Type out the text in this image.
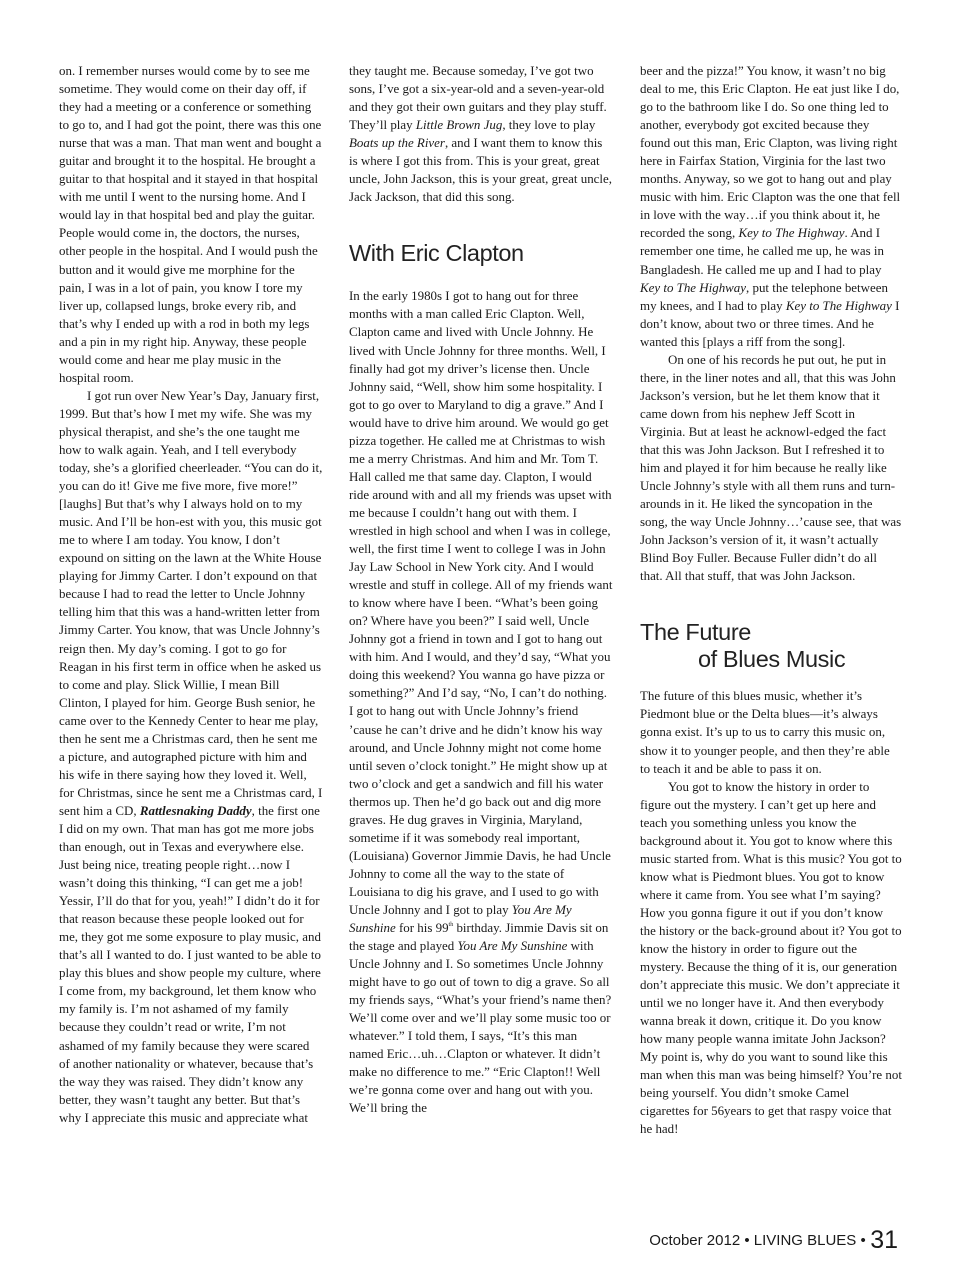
on. I remember nurses would come by to see me sometime. They would come on their day off, if they had a meeting or a conference or something to go to, and I had got the point, there was this one nurse that was a man. That man went and bought a guitar and brought it to the hospital. He brought a guitar to that hospital and it stayed in that hospital with me until I went to the nursing home. And I would lay in that hospital bed and play the guitar. People would come in, the doctors, the nurses, other people in the hospital. And I would push the button and it would give me morphine for the pain, I was in a lot of pain, you know I tore my liver up, collapsed lungs, broke every rib, and that’s why I ended up with a rod in both my legs and a pin in my right hip. Anyway, these people would come and hear me play music in the hospital room.

I got run over New Year’s Day, January first, 1999. But that’s how I met my wife. She was my physical therapist, and she’s the one taught me how to walk again. Yeah, and I tell everybody today, she’s a glorified cheerleader. “You can do it, you can do it! Give me five more, five more!” [laughs] But that’s why I always hold on to my music. And I’ll be hon-est with you, this music got me to where I am today. You know, I don’t expound on sitting on the lawn at the White House playing for Jimmy Carter. I don’t expound on that because I had to read the letter to Uncle Johnny telling him that this was a hand-written letter from Jimmy Carter. You know, that was Uncle Johnny’s reign then. My day’s coming. I got to go for Reagan in his first term in office when he asked us to come and play. Slick Willie, I mean Bill Clinton, I played for him. George Bush senior, he came over to the Kennedy Center to hear me play, then he sent me a Christmas card, then he sent me a picture, and autographed picture with him and his wife in there saying how they loved it. Well, for Christmas, since he sent me a Christmas card, I sent him a CD, Rattlesnaking Daddy, the first one I did on my own. That man has got me more jobs than enough, out in Texas and everywhere else. Just being nice, treating people right…now I wasn’t doing this thinking, “I can get me a job! Yessir, I’ll do that for you, yeah!” I didn’t do it for that reason because these people looked out for me, they got me some exposure to play music, and that’s all I wanted to do. I just wanted to be able to play this blues and show people my culture, where I come from, my background, let them know who my family is. I’m not ashamed of my family because they couldn’t read or write, I’m not ashamed of my family because they were scared of another nationality or whatever, because that’s the way they was raised. They didn’t know any better, they wasn’t taught any better. But that’s why I appreciate this music and appreciate what

they taught me. Because someday, I’ve got two sons, I’ve got a six-year-old and a seven-year-old and they got their own guitars and they play stuff. They’ll play Little Brown Jug, they love to play Boats up the River, and I want them to know this is where I got this from. This is your great, great uncle, John Jackson, this is your great, great uncle, Jack Jackson, that did this song.

With Eric Clapton

In the early 1980s I got to hang out for three months with a man called Eric Clapton. Well, Clapton came and lived with Uncle Johnny. He lived with Uncle Johnny for three months. Well, I finally had got my driver’s license then. Uncle Johnny said, “Well, show him some hospitality. I got to go over to Maryland to dig a grave.” And I would have to drive him around. We would go get pizza together. He called me at Christmas to wish me a merry Christmas. And him and Mr. Tom T. Hall called me that same day. Clapton, I would ride around with and all my friends was upset with me because I couldn’t hang out with them. I wrestled in high school and when I was in college, well, the first time I went to college I was in John Jay Law School in New York city. And I would wrestle and stuff in college. All of my friends want to know where have I been. “What’s been going on? Where have you been?” I said well, Uncle Johnny got a friend in town and I got to hang out with him. And I would, and they’d say, “What you doing this weekend? You wanna go have pizza or something?” And I’d say, “No, I can’t do nothing. I got to hang out with Uncle Johnny’s friend ’cause he can’t drive and he didn’t know his way around, and Uncle Johnny might not come home until seven o’clock tonight.” He might show up at two o’clock and get a sandwich and fill his water thermos up. Then he’d go back out and dig more graves. He dug graves in Virginia, Maryland, sometime if it was somebody real important, (Louisiana) Governor Jimmie Davis, he had Uncle Johnny to come all the way to the state of Louisiana to dig his grave, and I used to go with Uncle Johnny and I got to play You Are My Sunshine for his 99th birthday. Jimmie Davis sit on the stage and played You Are My Sunshine with Uncle Johnny and I. So sometimes Uncle Johnny might have to go out of town to dig a grave. So all my friends says, “What’s your friend’s name then? We’ll come over and we’ll play some music too or whatever.” I told them, I says, “It’s this man named Eric…uh…Clapton or whatever. It didn’t make no difference to me.” “Eric Clapton!! Well we’re gonna come over and hang out with you. We’ll bring the

beer and the pizza!” You know, it wasn’t no big deal to me, this Eric Clapton. He eat just like I do, go to the bathroom like I do. So one thing led to another, everybody got excited because they found out this man, Eric Clapton, was living right here in Fairfax Station, Virginia for the last two months. Anyway, so we got to hang out and play music with him. Eric Clapton was the one that fell in love with the way…if you think about it, he recorded the song, Key to The Highway. And I remember one time, he called me up, he was in Bangladesh. He called me up and I had to play Key to The Highway, put the telephone between my knees, and I had to play Key to The Highway I don’t know, about two or three times. And he wanted this [plays a riff from the song].

On one of his records he put out, he put in there, in the liner notes and all, that this was John Jackson’s version, but he let them know that it came down from his nephew Jeff Scott in Virginia. But at least he acknowl-edged the fact that this was John Jackson. But I refreshed it to him and played it for him because he really like Uncle Johnny’s style with all them runs and turn-arounds in it. He liked the syncopation in the song, the way Uncle Johnny…’cause see, that was John Jackson’s version of it, it wasn’t actually Blind Boy Fuller. Because Fuller didn’t do all that. All that stuff, that was John Jackson.

The Future
of Blues Music

The future of this blues music, whether it’s Piedmont blue or the Delta blues—it’s always gonna exist. It’s up to us to carry this music on, show it to younger people, and then they’re able to teach it and be able to pass it on.

You got to know the history in order to figure out the mystery. I can’t get up here and teach you something unless you know the background about it. You got to know where this music started from. What is this music? You got to know what is Piedmont blues. You got to know where it came from. You see what I’m saying? How you gonna figure it out if you don’t know the history or the back-ground about it? You got to know the history in order to figure out the mystery. Because the thing of it is, our generation don’t appreciate this music. We don’t appreciate it until we no longer have it. And then everybody wanna break it down, critique it. Do you know how many people wanna imitate John Jackson? My point is, why do you want to sound like this man when this man was being himself? You’re not being yourself. You didn’t smoke Camel cigarettes for 56years to get that raspy voice that he had!

October 2012 • LIVING BLUES • 31
